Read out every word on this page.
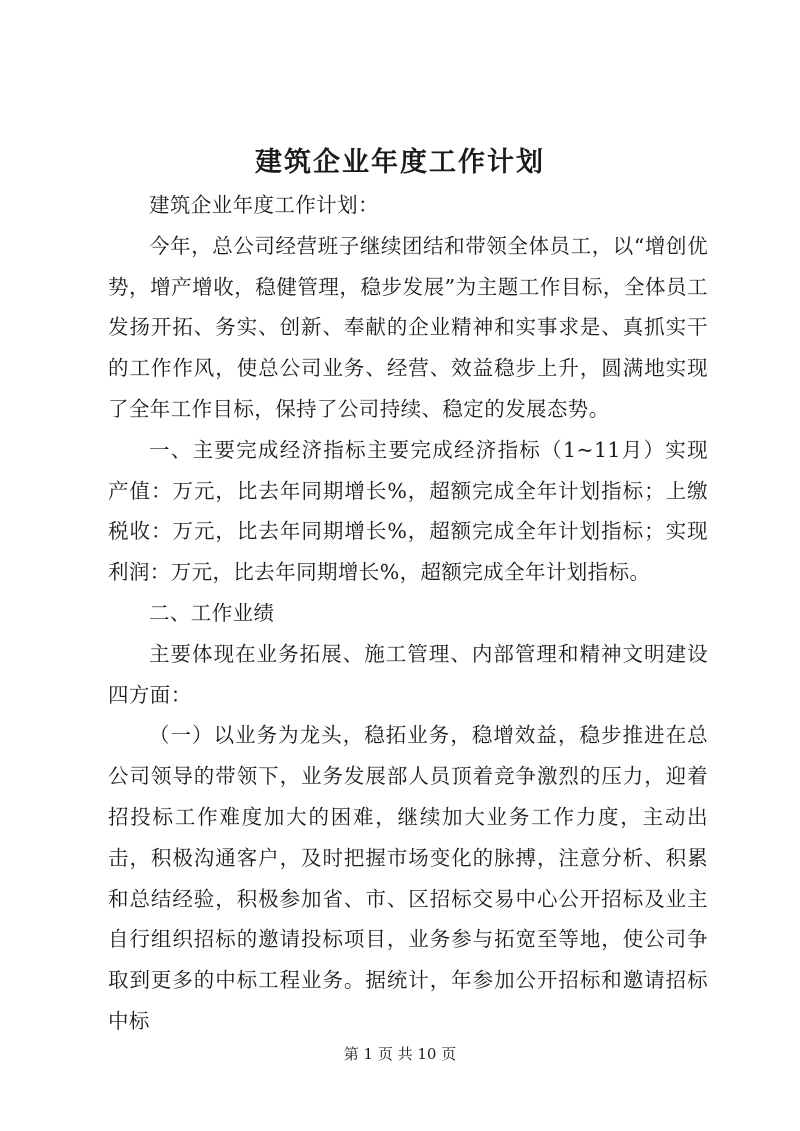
建筑企业年度工作计划

建筑企业年度工作计划：

今年，总公司经营班子继续团结和带领全体员工，以“增创优势，增产增收，稳健管理，稳步发展”为主题工作目标，全体员工发扬开拓、务实、创新、奉献的企业精神和实事求是、真抓实干的工作作风，使总公司业务、经营、效益稳步上升，圆满地实现了全年工作目标，保持了公司持续、稳定的发展态势。

一、主要完成经济指标主要完成经济指标（1~11月）实现产值：万元，比去年同期增长%，超额完成全年计划指标；上缴税收：万元，比去年同期增长%，超额完成全年计划指标；实现利润：万元，比去年同期增长%，超额完成全年计划指标。

二、工作业绩

主要体现在业务拓展、施工管理、内部管理和精神文明建设四方面：

（一）以业务为龙头，稳拓业务，稳增效益，稳步推进在总公司领导的带领下，业务发展部人员顶着竞争激烈的压力，迎着招投标工作难度加大的困难，继续加大业务工作力度，主动出击，积极沟通客户，及时把握市场变化的脉搏，注意分析、积累和总结经验，积极参加省、市、区招标交易中心公开招标及业主自行组织招标的邀请投标项目，业务参与拓宽至等地，使公司争取到更多的中标工程业务。据统计，年参加公开招标和邀请招标中标

第 1 页 共 10 页
